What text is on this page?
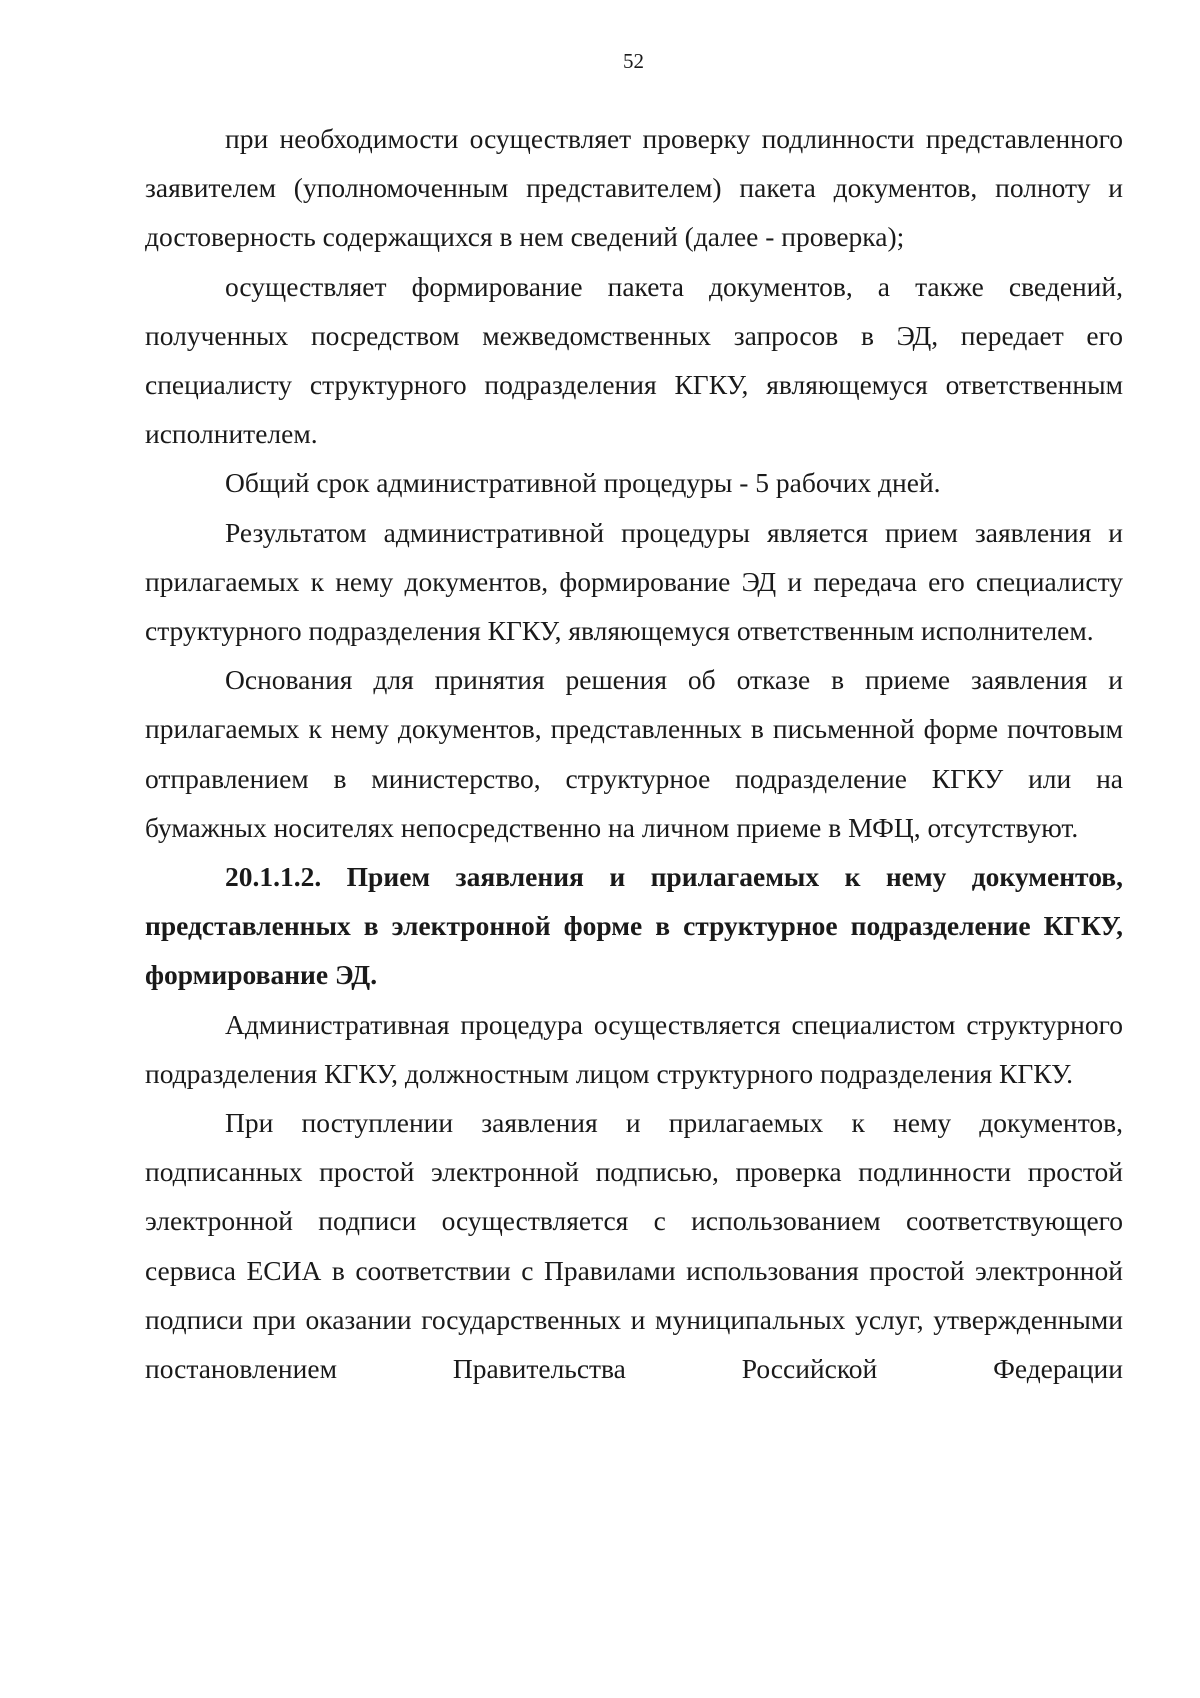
52

при необходимости осуществляет проверку подлинности представленного заявителем (уполномоченным представителем) пакета документов, полноту и достоверность содержащихся в нем сведений (далее - проверка);

осуществляет формирование пакета документов, а также сведений, полученных посредством межведомственных запросов в ЭД, передает его специалисту структурного подразделения КГКУ, являющемуся ответственным исполнителем.

Общий срок административной процедуры - 5 рабочих дней.

Результатом административной процедуры является прием заявления и прилагаемых к нему документов, формирование ЭД и передача его специалисту структурного подразделения КГКУ, являющемуся ответственным исполнителем.

Основания для принятия решения об отказе в приеме заявления и прилагаемых к нему документов, представленных в письменной форме почтовым отправлением в министерство, структурное подразделение КГКУ или на бумажных носителях непосредственно на личном приеме в МФЦ, отсутствуют.

20.1.1.2. Прием заявления и прилагаемых к нему документов, представленных в электронной форме в структурное подразделение КГКУ, формирование ЭД.

Административная процедура осуществляется специалистом структурного подразделения КГКУ, должностным лицом структурного подразделения КГКУ.

При поступлении заявления и прилагаемых к нему документов, подписанных простой электронной подписью, проверка подлинности простой электронной подписи осуществляется с использованием соответствующего сервиса ЕСИА в соответствии с Правилами использования простой электронной подписи при оказании государственных и муниципальных услуг, утвержденными постановлением Правительства Российской Федерации
